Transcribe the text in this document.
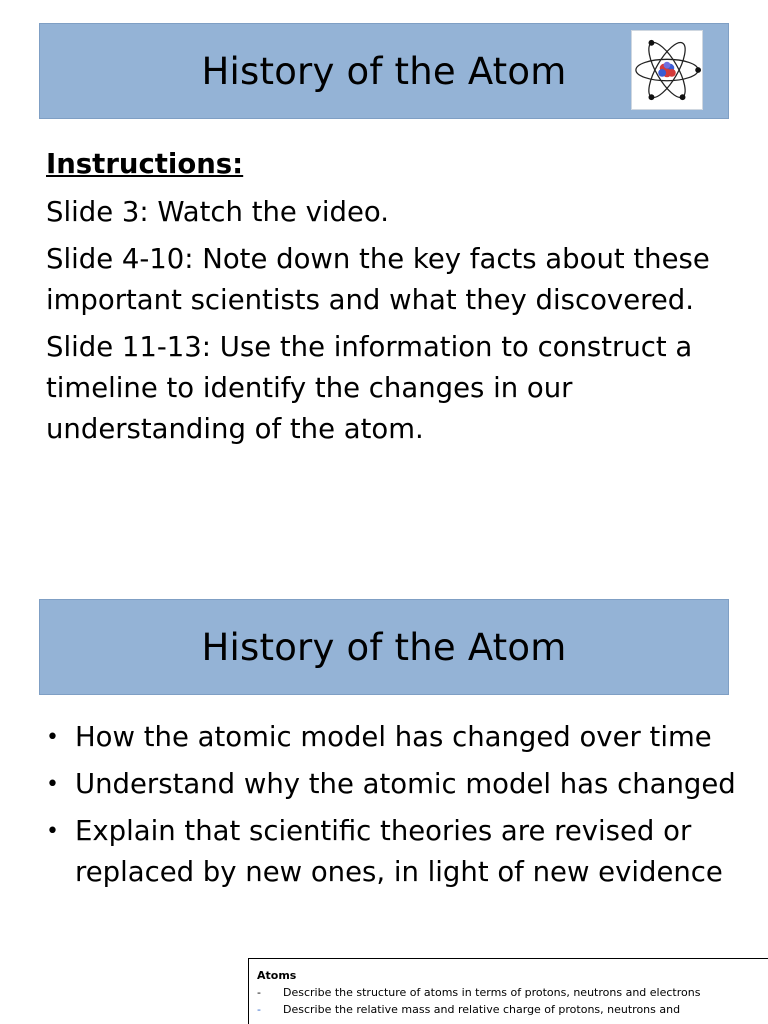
History of the Atom
Instructions:
Slide 3: Watch the video.
Slide 4-10: Note down the key facts about these important scientists and what they discovered.
Slide 11-13: Use the information to construct a timeline to identify the changes in our understanding of the atom.
History of the Atom
• How the atomic model has changed over time
• Understand why the atomic model has changed
• Explain that scientific theories are revised or replaced by new ones, in light of new evidence
Atoms
-	Describe the structure of atoms in terms of protons, neutrons and electrons
-	Describe the relative mass and relative charge of protons, neutrons and
